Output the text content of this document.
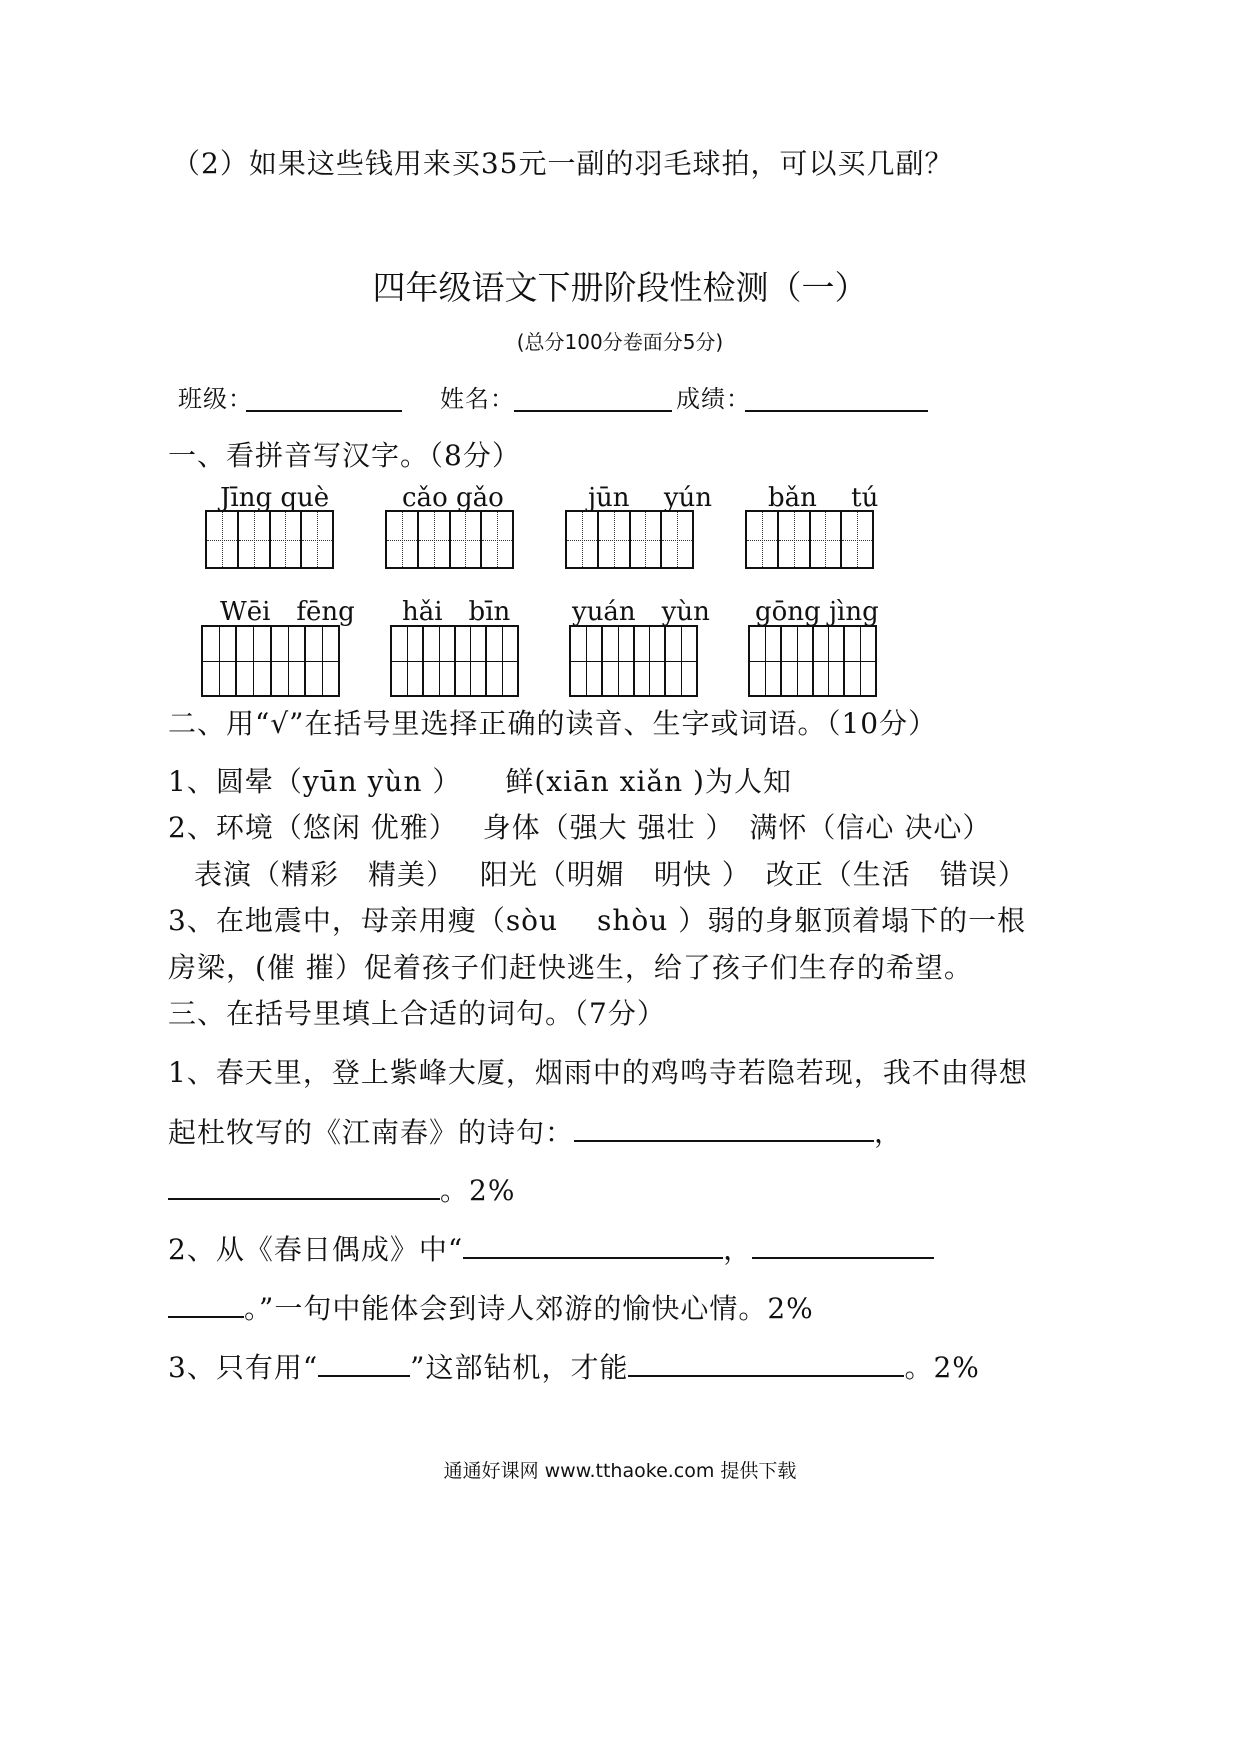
（2）如果这些钱用来买35元一副的羽毛球拍，可以买几副？
四年级语文下册阶段性检测（一）
(总分100分卷面分5分)
班级：	姓名：	成绩：
一、看拼音写汉字。（8分）
Jīng què	cǎo gǎo	jūn　 yún bǎn　 tú
Wēi　fēng hǎi　bīn yuán　yùn gōng jìng
二、用“√”在括号里选择正确的读音、生字或词语。（10分）
1、圆晕（yūn yùn ）　　鲜(xiān xiǎn )为人知
2、环境（悠闲 优雅）　 身体（强大 强壮 ）　满怀（信心 决心）
表演（精彩　精美）　 阳光（明媚　明快 ）　改正（生活　错误）
3、在地震中，母亲用瘦（sòu　 shòu ）弱的身躯顶着塌下的一根
房梁，(催 摧）促着孩子们赶快逃生，给了孩子们生存的希望。
三、在括号里填上合适的词句。（7分）
1、春天里，登上紫峰大厦，烟雨中的鸡鸣寺若隐若现，我不由得想
起杜牧写的《江南春》的诗句：	，
。2%
2、从《春日偶成》中“	，
。”一句中能体会到诗人郊游的愉快心情。2%
3、只有用“	”这部钻机，才能	。2%
通通好课网 www.tthaoke.com 提供下载
